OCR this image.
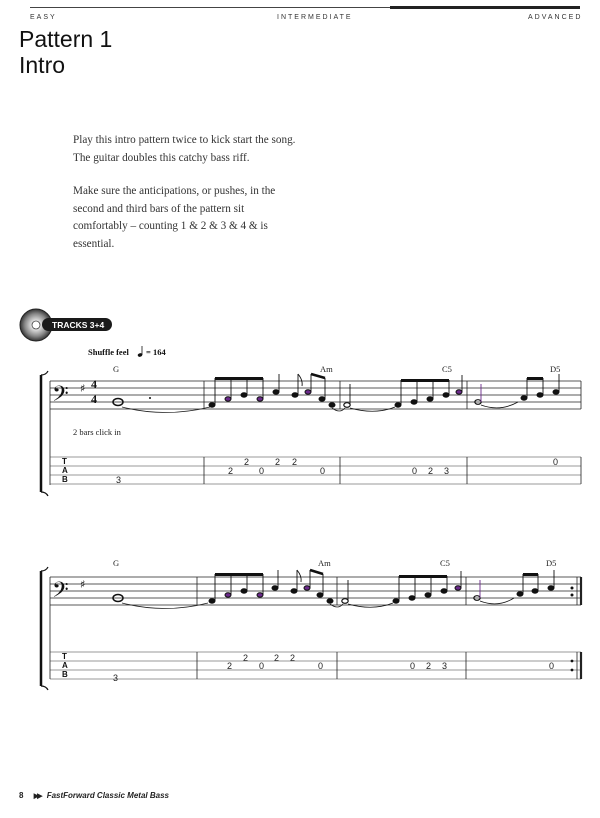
EASY	INTERMEDIATE	ADVANCED
Pattern 1
Intro
Play this intro pattern twice to kick start the song. The guitar doubles this catchy bass riff.
Make sure the anticipations, or pushes, in the second and third bars of the pattern sit comfortably – counting 1 & 2 & 3 & 4 & is essential.
TRACKS 3+4
Shuffle feel = 164
G	Am	C5	D5
𝄢 ♯ 4
4
2 bars click in
T
A
B	3
2
2
0
2 2
0	0 2 3
0
G	Am	C5	D5
𝄢 ♯
T
A
B	3
2
2
0
2 2
0	0 2 3	0
8 ▶▶ FastForward Classic Metal Bass
